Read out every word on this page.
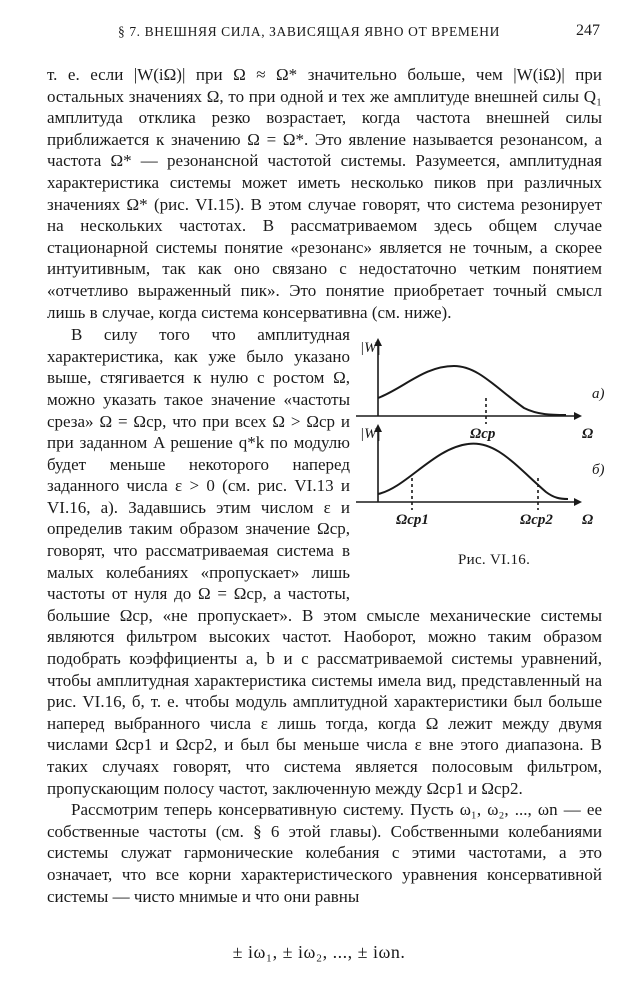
§ 7. ВНЕШНЯЯ СИЛА, ЗАВИСЯЩАЯ ЯВНО ОТ ВРЕМЕНИ	247

т. е. если |W(iΩ)| при Ω ≈ Ω* значительно больше, чем |W(iΩ)| при остальных значениях Ω, то при одной и тех же амплитуде внешней силы Q₁ амплитуда отклика резко возрастает, когда частота внешней силы приближается к значению Ω = Ω*. Это явление называется резонансом, а частота Ω* — резонансной частотой системы. Разумеется, амплитудная характеристика системы может иметь несколько пиков при различных значениях Ω* (рис. VI.15). В этом случае говорят, что система резонирует на нескольких частотах. В рассматриваемом здесь общем случае стационарной системы понятие «резонанс» является не точным, а скорее интуитивным, так как оно связано с недостаточно четким понятием «отчетливо выраженный пик». Это понятие приобретает точный смысл лишь в случае, когда система консервативна (см. ниже).

|W|
Ω
Ωср
а)
|W|
Ω
Ωср1	Ωср2
б)
Рис. VI.16.
В силу того что амплитудная характеристика, как уже было указано выше, стягивается к нулю с ростом Ω, можно указать такое значение «частоты среза» Ω = Ωср, что при всех Ω > Ωср и при заданном A решение q*k по модулю будет меньше некоторого наперед заданного числа ε > 0 (см. рис. VI.13 и VI.16, а). Задавшись этим числом ε и определив таким образом значение Ωср, говорят, что рассматриваемая система в малых колебаниях «пропускает» лишь частоты от нуля до Ω = Ωср, а частоты, большие Ωср, «не пропускает». В этом смысле механические системы являются фильтром высоких частот. Наоборот, можно таким образом подобрать коэффициенты a, b и c рассматриваемой системы уравнений, чтобы амплитудная характеристика системы имела вид, представленный на рис. VI.16, б, т. е. чтобы модуль амплитудной характеристики был больше наперед выбранного числа ε лишь тогда, когда Ω лежит между двумя числами Ωср1 и Ωср2, и был бы меньше числа ε вне этого диапазона. В таких случаях говорят, что система является полосовым фильтром, пропускающим полосу частот, заключенную между Ωср1 и Ωср2.

Рассмотрим теперь консервативную систему. Пусть ω₁, ω₂, ..., ωn — ее собственные частоты (см. § 6 этой главы). Собственными колебаниями системы служат гармонические колебания с этими частотами, а это означает, что все корни характеристического уравнения консервативной системы — чисто мнимые и что они равны

± iω₁, ± iω₂, ..., ± iωn.
